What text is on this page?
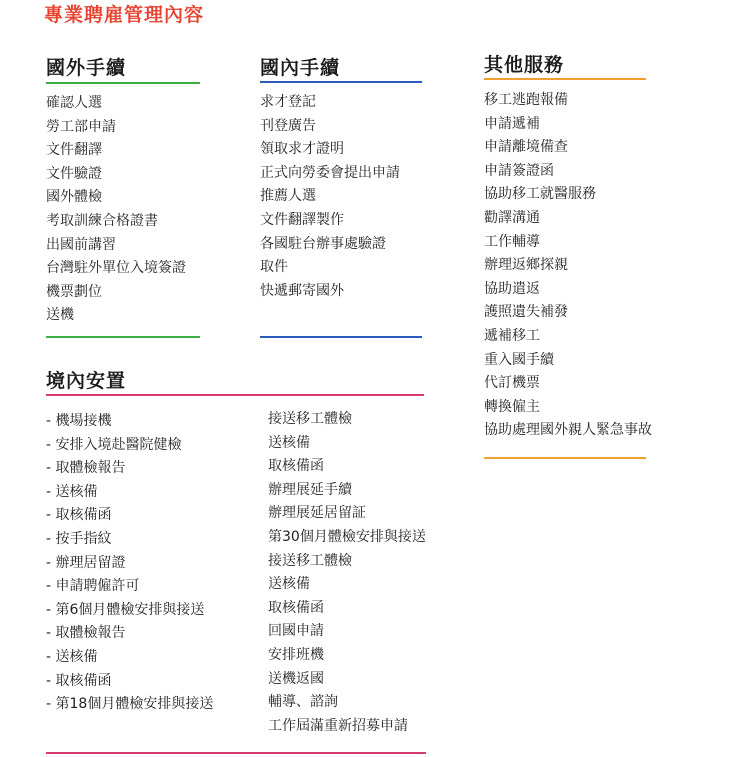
專業聘雇管理內容
國外手續
確認人選
勞工部申請
文件翻譯
文件驗證
國外體檢
考取訓練合格證書
出國前講習
台灣駐外單位入境簽證
機票劃位
送機
國內手續
求才登記
刊登廣告
領取求才證明
正式向勞委會提出申請
推薦人選
文件翻譯製作
各國駐台辦事處驗證
取件
快遞郵寄國外
其他服務
移工逃跑報備
申請遞補
申請離境備查
申請簽證函
協助移工就醫服務
勸譯溝通
工作輔導
辦理返鄉探親
協助遣返
護照遺失補發
遞補移工
重入國手續
代訂機票
轉換僱主
協助處理國外親人緊急事故
境內安置
- 機場接機
- 安排入境赴醫院健檢
- 取體檢報告
- 送核備
- 取核備函
- 按手指紋
- 辦理居留證
- 申請聘僱許可
- 第6個月體檢安排與接送
- 取體檢報告
- 送核備
- 取核備函
- 第18個月體檢安排與接送
接送移工體檢
送核備
取核備函
辦理展延手續
辦理展延居留証
第30個月體檢安排與接送
接送移工體檢
送核備
取核備函
回國申請
安排班機
送機返國
輔導、諮詢
工作屆滿重新招募申請
